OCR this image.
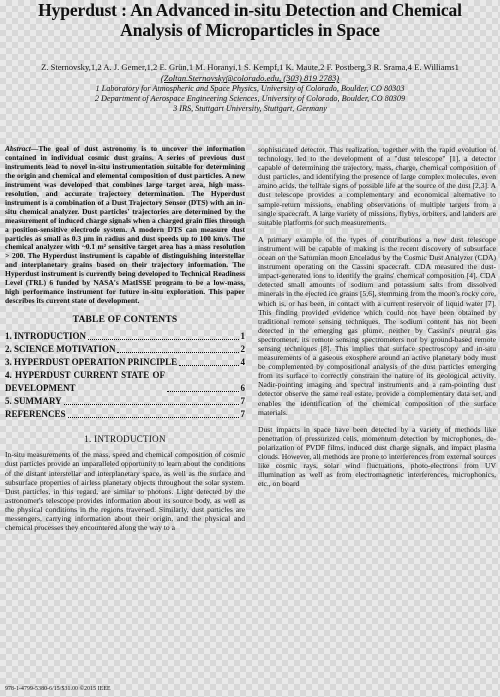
Hyperdust : An Advanced in-situ Detection and Chemical
Analysis of Microparticles in Space
Z. Sternovsky,1,2 A. J. Gemer,1,2 E. Grün,1 M. Horanyi,1 S. Kempf,1 K. Maute,2 F. Postberg,3 R. Srama,4 E. Williams1
(Zoltan.Sternovsky@colorado.edu, (303) 819 2783)
1 Laboratory for Atmospheric and Space Physics, University of Colorado, Boulder, CO 80303
2 Department of Aerospace Engineering Sciences, University of Colorado, Boulder, CO 80309
3 IRS, Stuttgart University, Stuttgart, Germany
Abstract—The goal of dust astronomy is to uncover the information contained in individual cosmic dust grains. A series of previous dust instruments lead to novel in-situ instrumentation suitable for determining the origin and chemical and elemental composition of dust particles. A new instrument was developed that combines large target area, high mass-resolution, and accurate trajectory determination. The Hyperdust instrument is a combination of a Dust Trajectory Sensor (DTS) with an in-situ chemical analyzer. Dust particles' trajectories are determined by the measurement of induced charge signals when a charged grain flies through a position-sensitive electrode system. A modern DTS can measure dust particles as small as 0.3 µm in radius and dust speeds up to 100 km/s. The chemical analyzer with ~0.1 m² sensitive target area has a mass resolution > 200. The Hyperdust instrument is capable of distinguishing interstellar and interplanetary grains based on their trajectory information. The Hyperdust instrument is currently being developed to Technical Readiness Level (TRL) 6 funded by NASA's MatISSE program to be a low-mass, high performance instrument for future in-situ exploration. This paper describes its current state of development.
TABLE OF CONTENTS
1. INTRODUCTION	1
2. SCIENCE MOTIVATION	2
3. HYPERDUST OPERATION PRINCIPLE	4
4. HYPERDUST CURRENT STATE OF DEVELOPMENT	6
5. SUMMARY	7
REFERENCES	7
1. INTRODUCTION

In-situ measurements of the mass, speed and chemical composition of cosmic dust particles provide an unparalleled opportunity to learn about the conditions of the distant interstellar and interplanetary space, as well as the surface and subsurface properties of airless planetary objects throughout the solar system. Dust particles, in this regard, are similar to photons. Light detected by the astronomer's telescope provides information about its source body, as well as the physical conditions in the regions traversed. Similarly, dust particles are messengers, carrying information about their origin, and the physical and chemical processes they encountered along the way to a

sophisticated detector. This realization, together with the rapid evolution of technology, led to the development of a "dust telescope" [1], a detector capable of determining the trajectory, mass, charge, chemical composition of dust particles, and identifying the presence of large complex molecules, even amino acids, the telltale signs of possible life at the source of the dust [2,3]. A dust telescope provides a complementary and economical alternative to sample-return missions, enabling observations of multiple targets from a single spacecraft. A large variety of missions, flybys, orbiters, and landers are suitable platforms for such measurements.

A primary example of the types of contributions a new dust telescope instrument will be capable of making is the recent discovery of subsurface ocean on the Saturnian moon Enceladus by the Cosmic Dust Analyzer (CDA) instrument operating on the Cassini spacecraft. CDA measured the dust-impact-generated ions to identify the grains' chemical composition [4]. CDA detected small amounts of sodium and potassium salts from dissolved minerals in the ejected ice grains [5,6], stemming from the moon's rocky core, which is, or has been, in contact with a current reservoir of liquid water [7]. This finding provided evidence which could not have been obtained by traditional remote sensing techniques. The sodium content has not been detected in the emerging gas plume, neither by Cassini's neutral gas spectrometer, its remote sensing spectrometers nor by ground-based remote sensing techniques [8]. This implies that surface spectroscopy and in-situ measurements of a gaseous exosphere around an active planetary body must be complemented by compositional analysis of the dust particles emerging from its surface to correctly constrain the nature of its geological activity. Nadir-pointing imaging and spectral instruments and a ram-pointing dust detector observe the same real estate, provide a complementary data set, and enables the identification of the chemical composition of the surface materials.

Dust impacts in space have been detected by a variety of methods like penetration of pressurized cells, momentum detection by microphones, de-polarization of PVDF films, induced dust charge signals, and impact plasma clouds. However, all methods are prone to interferences from external sources like cosmic rays, solar wind fluctuations, photo-electrons from UV illumination as well as from electromagnetic interferences, microphonics, etc., on board

978-1-4799-5380-6/15/$31.00 ©2015 IEEE
